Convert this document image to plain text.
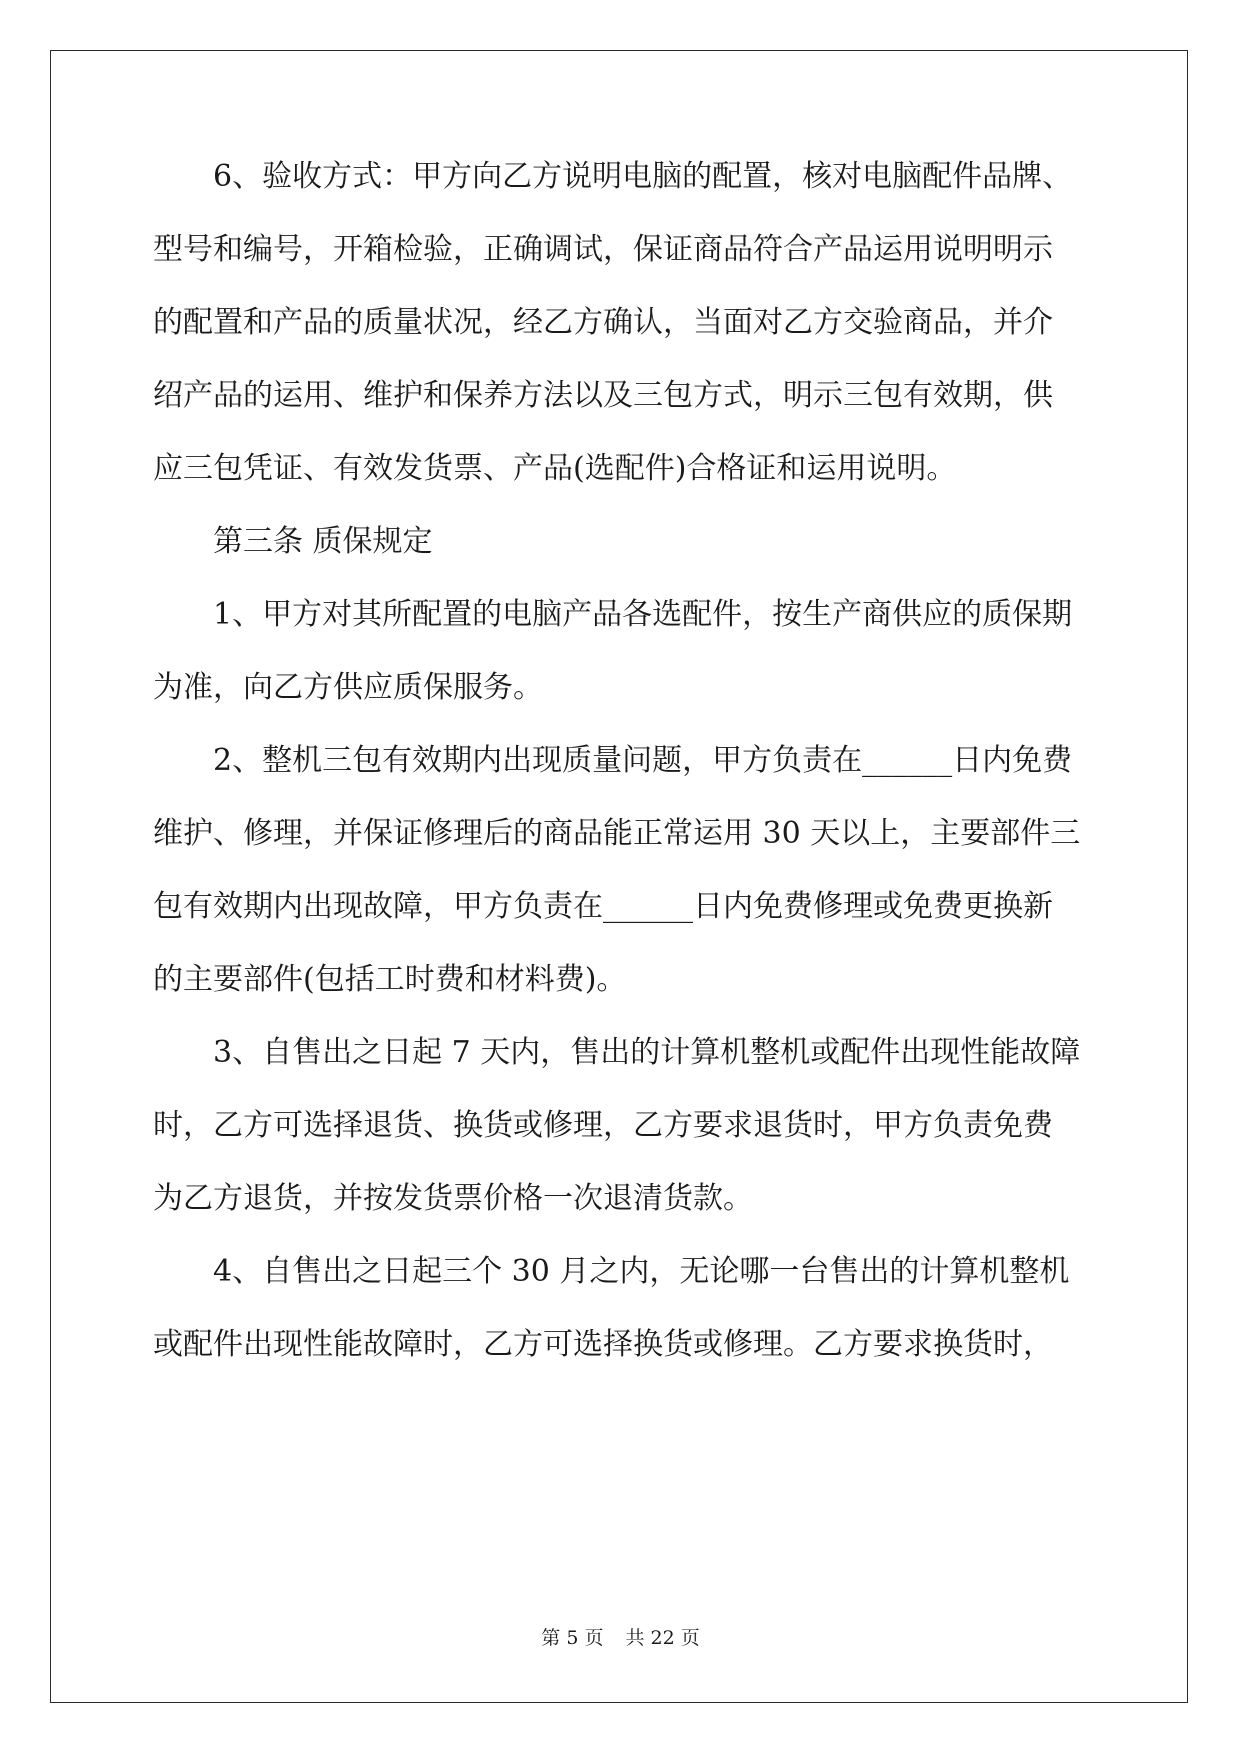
6、验收方式：甲方向乙方说明电脑的配置，核对电脑配件品牌、
型号和编号，开箱检验，正确调试，保证商品符合产品运用说明明示
的配置和产品的质量状况，经乙方确认，当面对乙方交验商品，并介
绍产品的运用、维护和保养方法以及三包方式，明示三包有效期，供
应三包凭证、有效发货票、产品(选配件)合格证和运用说明。
第三条 质保规定
1、甲方对其所配置的电脑产品各选配件，按生产商供应的质保期
为准，向乙方供应质保服务。
2、整机三包有效期内出现质量问题，甲方负责在______日内免费
维护、修理，并保证修理后的商品能正常运用 30 天以上，主要部件三
包有效期内出现故障，甲方负责在______日内免费修理或免费更换新
的主要部件(包括工时费和材料费)。
3、自售出之日起 7 天内，售出的计算机整机或配件出现性能故障
时，乙方可选择退货、换货或修理，乙方要求退货时，甲方负责免费
为乙方退货，并按发货票价格一次退清货款。
4、自售出之日起三个 30 月之内，无论哪一台售出的计算机整机
或配件出现性能故障时，乙方可选择换货或修理。乙方要求换货时，
第 5 页 共 22 页
